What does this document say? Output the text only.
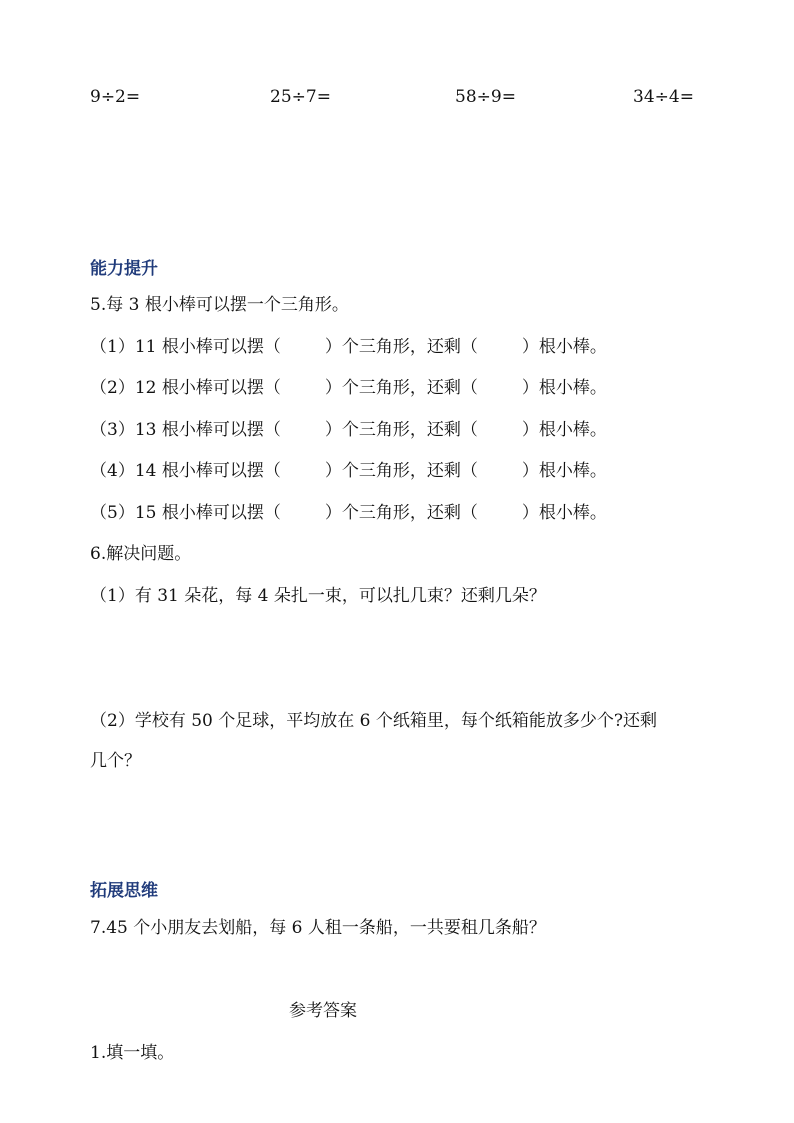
9÷2=	25÷7=	58÷9=	34÷4=
能力提升
5.每 3 根小棒可以摆一个三角形。
（1）11 根小棒可以摆（	）个三角形，还剩（	）根小棒。
（2）12 根小棒可以摆（	）个三角形，还剩（	）根小棒。
（3）13 根小棒可以摆（	）个三角形，还剩（	）根小棒。
（4）14 根小棒可以摆（	）个三角形，还剩（	）根小棒。
（5）15 根小棒可以摆（	）个三角形，还剩（	）根小棒。
6.解决问题。
（1）有 31 朵花，每 4 朵扎一束，可以扎几束？还剩几朵？
（2）学校有 50 个足球，平均放在 6 个纸箱里，每个纸箱能放多少个?还剩
几个？
拓展思维
7.45 个小朋友去划船，每 6 人租一条船，一共要租几条船？
参考答案
1.填一填。
